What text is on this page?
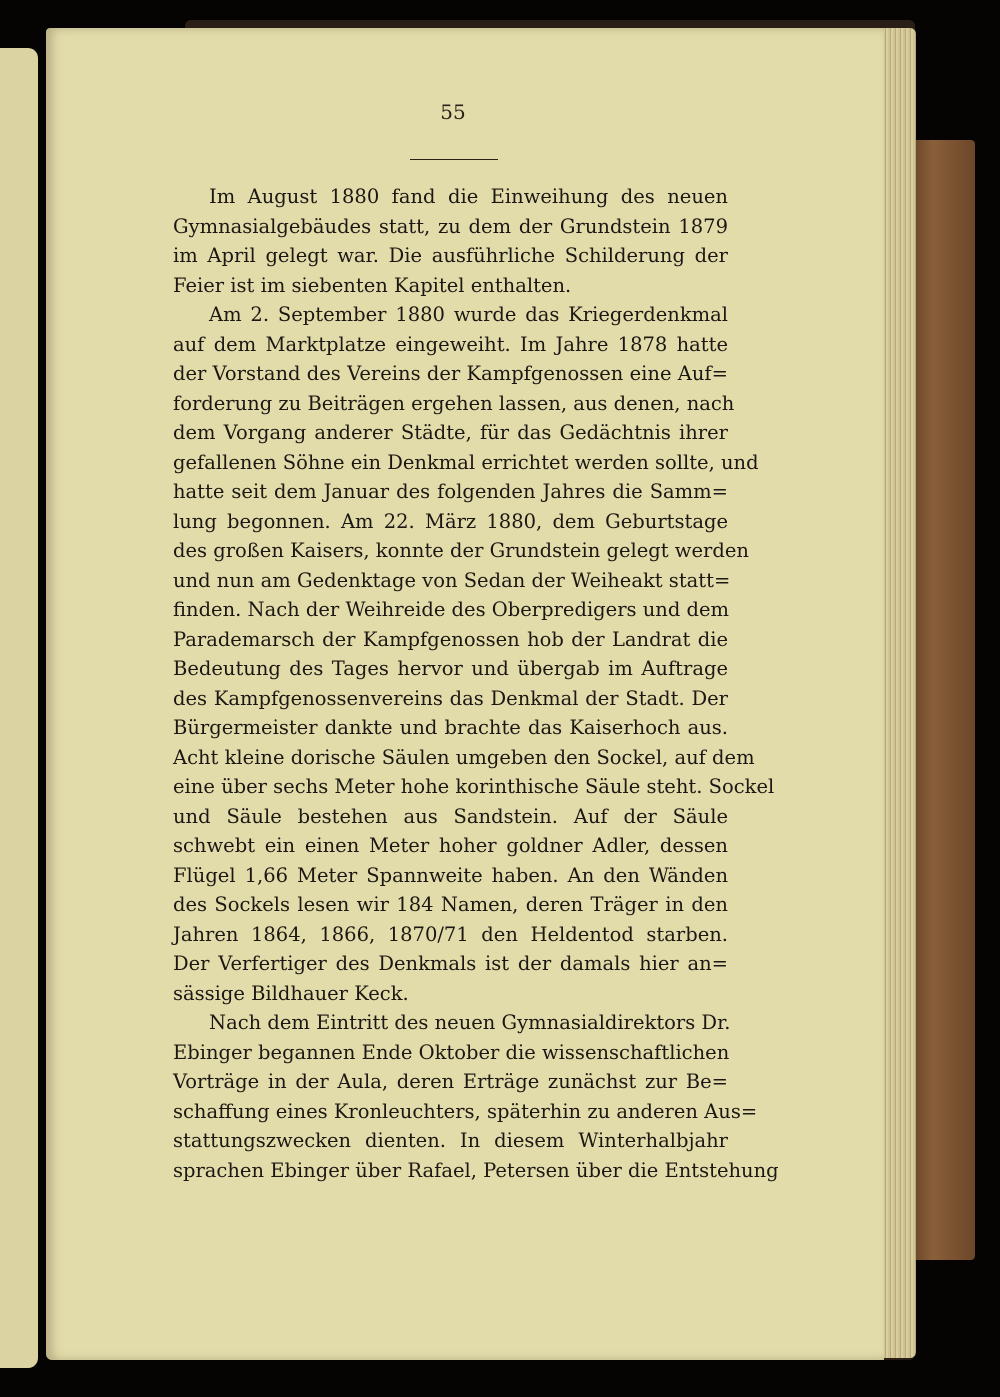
55
Im August 1880 fand die Einweihung des neuen
Gymnasialgebäudes statt, zu dem der Grundstein 1879
im April gelegt war. Die ausführliche Schilderung der
Feier ist im siebenten Kapitel enthalten.
Am 2. September 1880 wurde das Kriegerdenkmal
auf dem Marktplatze eingeweiht. Im Jahre 1878 hatte
der Vorstand des Vereins der Kampfgenossen eine Auf=
forderung zu Beiträgen ergehen lassen, aus denen, nach
dem Vorgang anderer Städte, für das Gedächtnis ihrer
gefallenen Söhne ein Denkmal errichtet werden sollte, und
hatte seit dem Januar des folgenden Jahres die Samm=
lung begonnen. Am 22. März 1880, dem Geburtstage
des großen Kaisers, konnte der Grundstein gelegt werden
und nun am Gedenktage von Sedan der Weiheakt statt=
finden. Nach der Weihreide des Oberpredigers und dem
Parademarsch der Kampfgenossen hob der Landrat die
Bedeutung des Tages hervor und übergab im Auftrage
des Kampfgenossenvereins das Denkmal der Stadt. Der
Bürgermeister dankte und brachte das Kaiserhoch aus.
Acht kleine dorische Säulen umgeben den Sockel, auf dem
eine über sechs Meter hohe korinthische Säule steht. Sockel
und Säule bestehen aus Sandstein. Auf der Säule
schwebt ein einen Meter hoher goldner Adler, dessen
Flügel 1,66 Meter Spannweite haben. An den Wänden
des Sockels lesen wir 184 Namen, deren Träger in den
Jahren 1864, 1866, 1870/71 den Heldentod starben.
Der Verfertiger des Denkmals ist der damals hier an=
sässige Bildhauer Keck.
Nach dem Eintritt des neuen Gymnasialdirektors Dr.
Ebinger begannen Ende Oktober die wissenschaftlichen
Vorträge in der Aula, deren Erträge zunächst zur Be=
schaffung eines Kronleuchters, späterhin zu anderen Aus=
stattungszwecken dienten. In diesem Winterhalbjahr
sprachen Ebinger über Rafael, Petersen über die Entstehung
